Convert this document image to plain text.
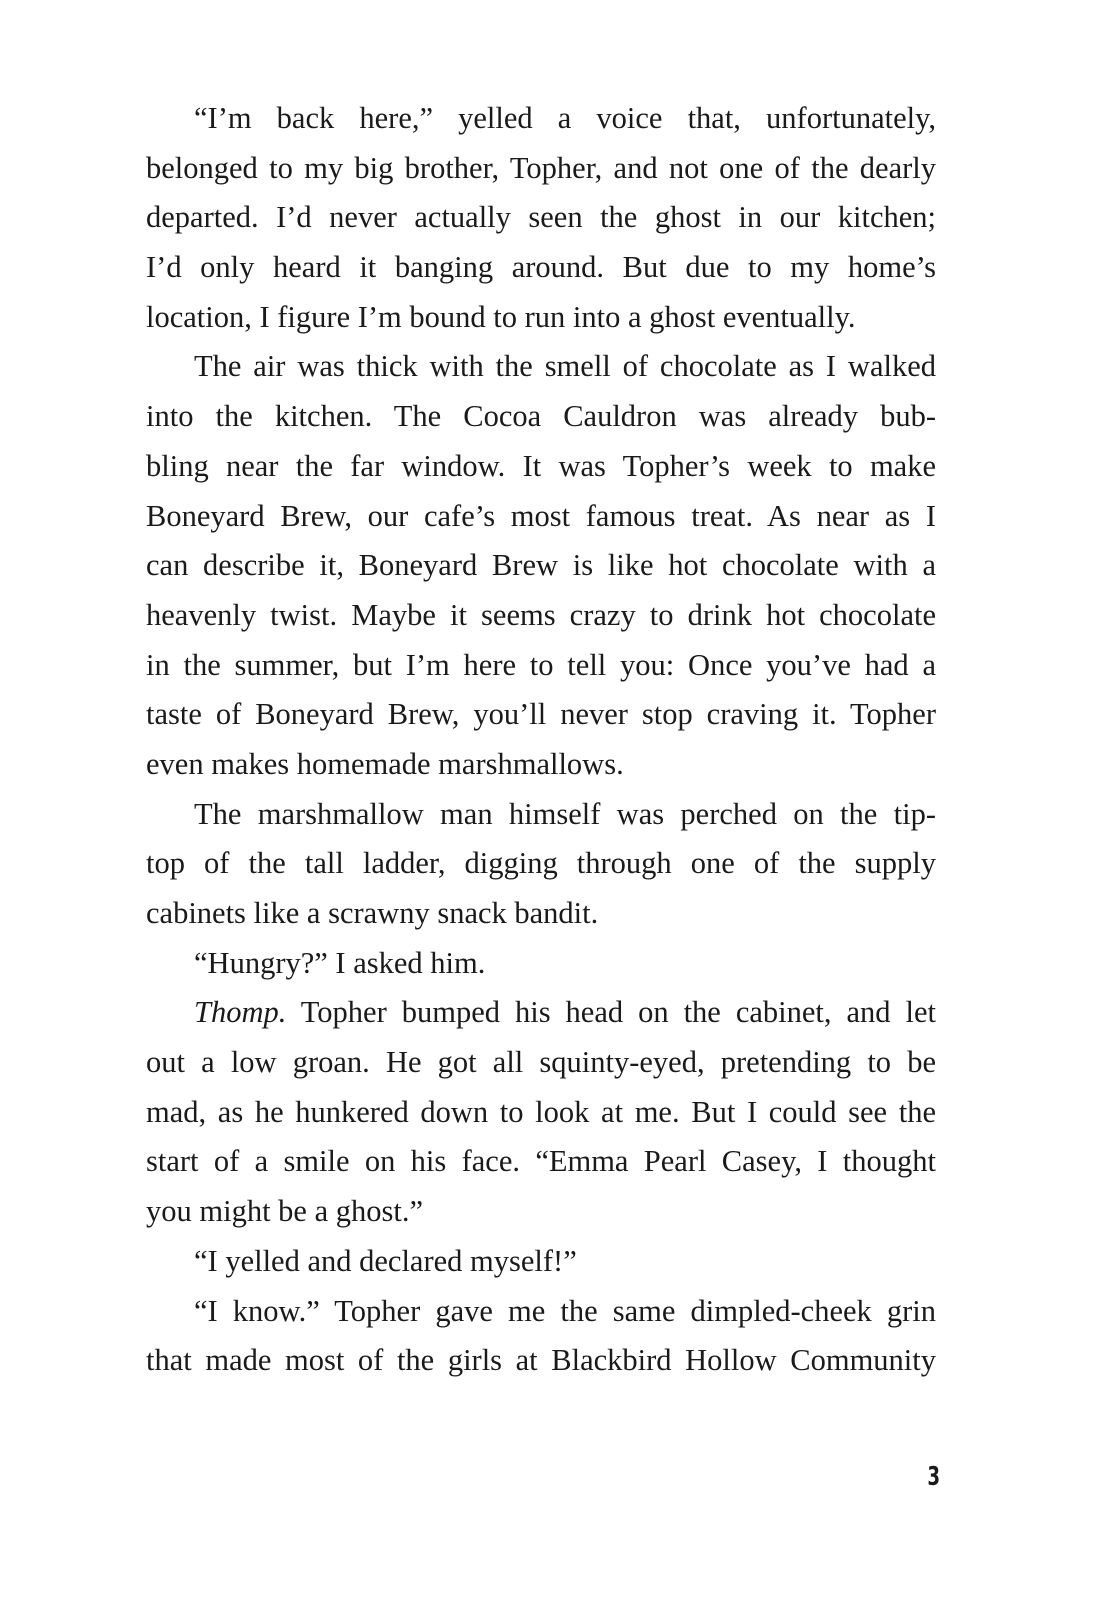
“I’m back here,” yelled a voice that, unfortunately,
belonged to my big brother, Topher, and not one of the dearly
departed. I’d never actually seen the ghost in our kitchen;
I’d only heard it banging around. But due to my home’s
location, I figure I’m bound to run into a ghost eventually.
The air was thick with the smell of chocolate as I walked
into the kitchen. The Cocoa Cauldron was already bub-
bling near the far window. It was Topher’s week to make
Boneyard Brew, our cafe’s most famous treat. As near as I
can describe it, Boneyard Brew is like hot chocolate with a
heavenly twist. Maybe it seems crazy to drink hot chocolate
in the summer, but I’m here to tell you: Once you’ve had a
taste of Boneyard Brew, you’ll never stop craving it. Topher
even makes homemade marshmallows.
The marshmallow man himself was perched on the tip-
top of the tall ladder, digging through one of the supply
cabinets like a scrawny snack bandit.
“Hungry?” I asked him.
Thomp. Topher bumped his head on the cabinet, and let
out a low groan. He got all squinty-eyed, pretending to be
mad, as he hunkered down to look at me. But I could see the
start of a smile on his face. “Emma Pearl Casey, I thought
you might be a ghost.”
“I yelled and declared myself!”
“I know.” Topher gave me the same dimpled-cheek grin
that made most of the girls at Blackbird Hollow Community
3
